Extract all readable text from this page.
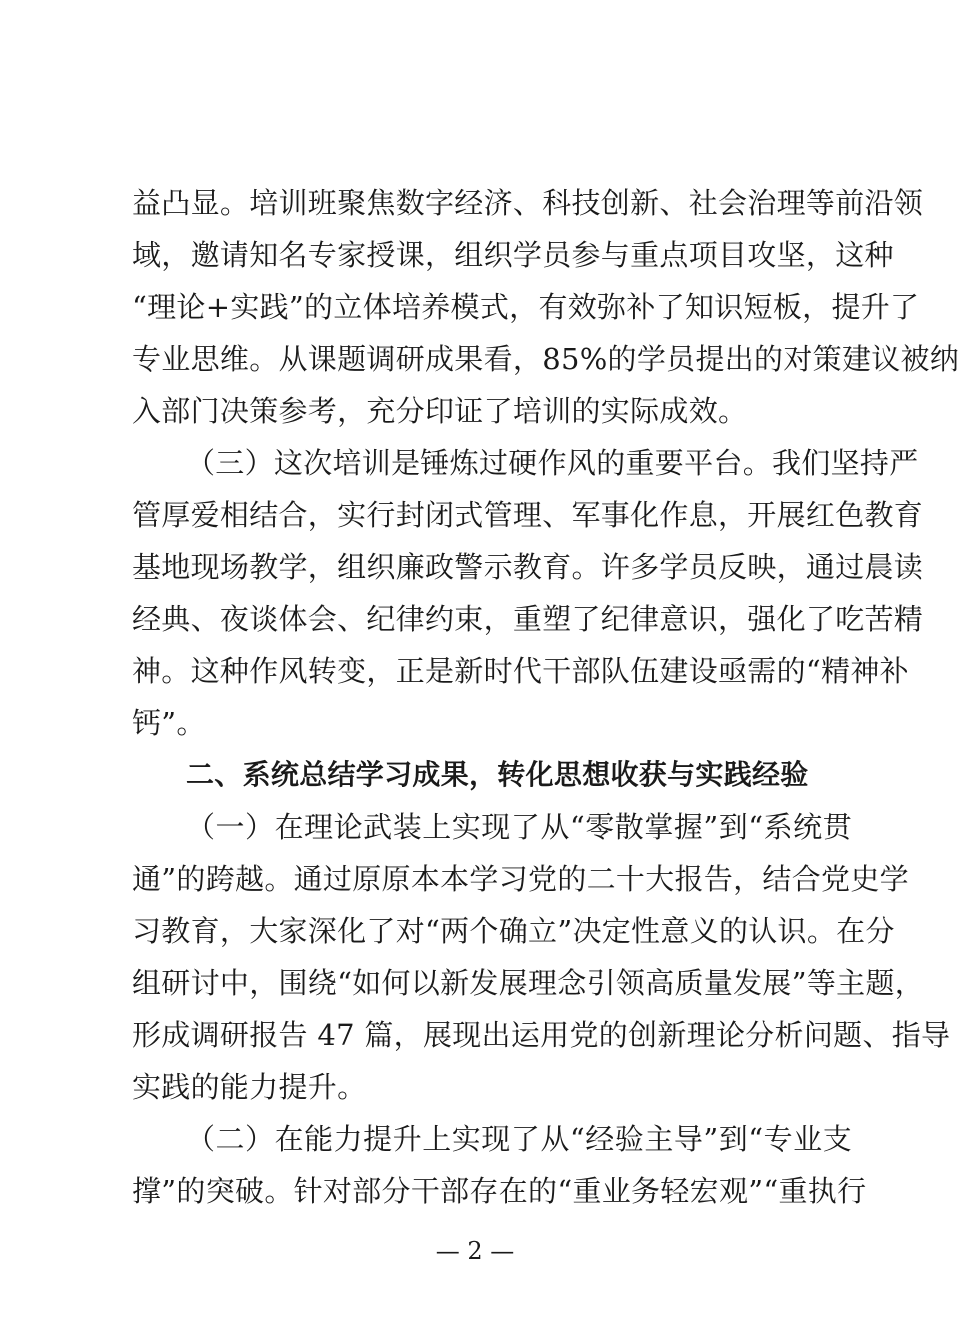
益凸显。培训班聚焦数字经济、科技创新、社会治理等前沿领
域，邀请知名专家授课，组织学员参与重点项目攻坚，这种
“理论+实践”的立体培养模式，有效弥补了知识短板，提升了
专业思维。从课题调研成果看，85%的学员提出的对策建议被纳
入部门决策参考，充分印证了培训的实际成效。
（三）这次培训是锤炼过硬作风的重要平台。我们坚持严
管厚爱相结合，实行封闭式管理、军事化作息，开展红色教育
基地现场教学，组织廉政警示教育。许多学员反映，通过晨读
经典、夜谈体会、纪律约束，重塑了纪律意识，强化了吃苦精
神。这种作风转变，正是新时代干部队伍建设亟需的“精神补
钙”。
二、系统总结学习成果，转化思想收获与实践经验
（一）在理论武装上实现了从“零散掌握”到“系统贯
通”的跨越。通过原原本本学习党的二十大报告，结合党史学
习教育，大家深化了对“两个确立”决定性意义的认识。在分
组研讨中，围绕“如何以新发展理念引领高质量发展”等主题，
形成调研报告 47 篇，展现出运用党的创新理论分析问题、指导
实践的能力提升。
（二）在能力提升上实现了从“经验主导”到“专业支
撑”的突破。针对部分干部存在的“重业务轻宏观”“重执行
— 2 —
